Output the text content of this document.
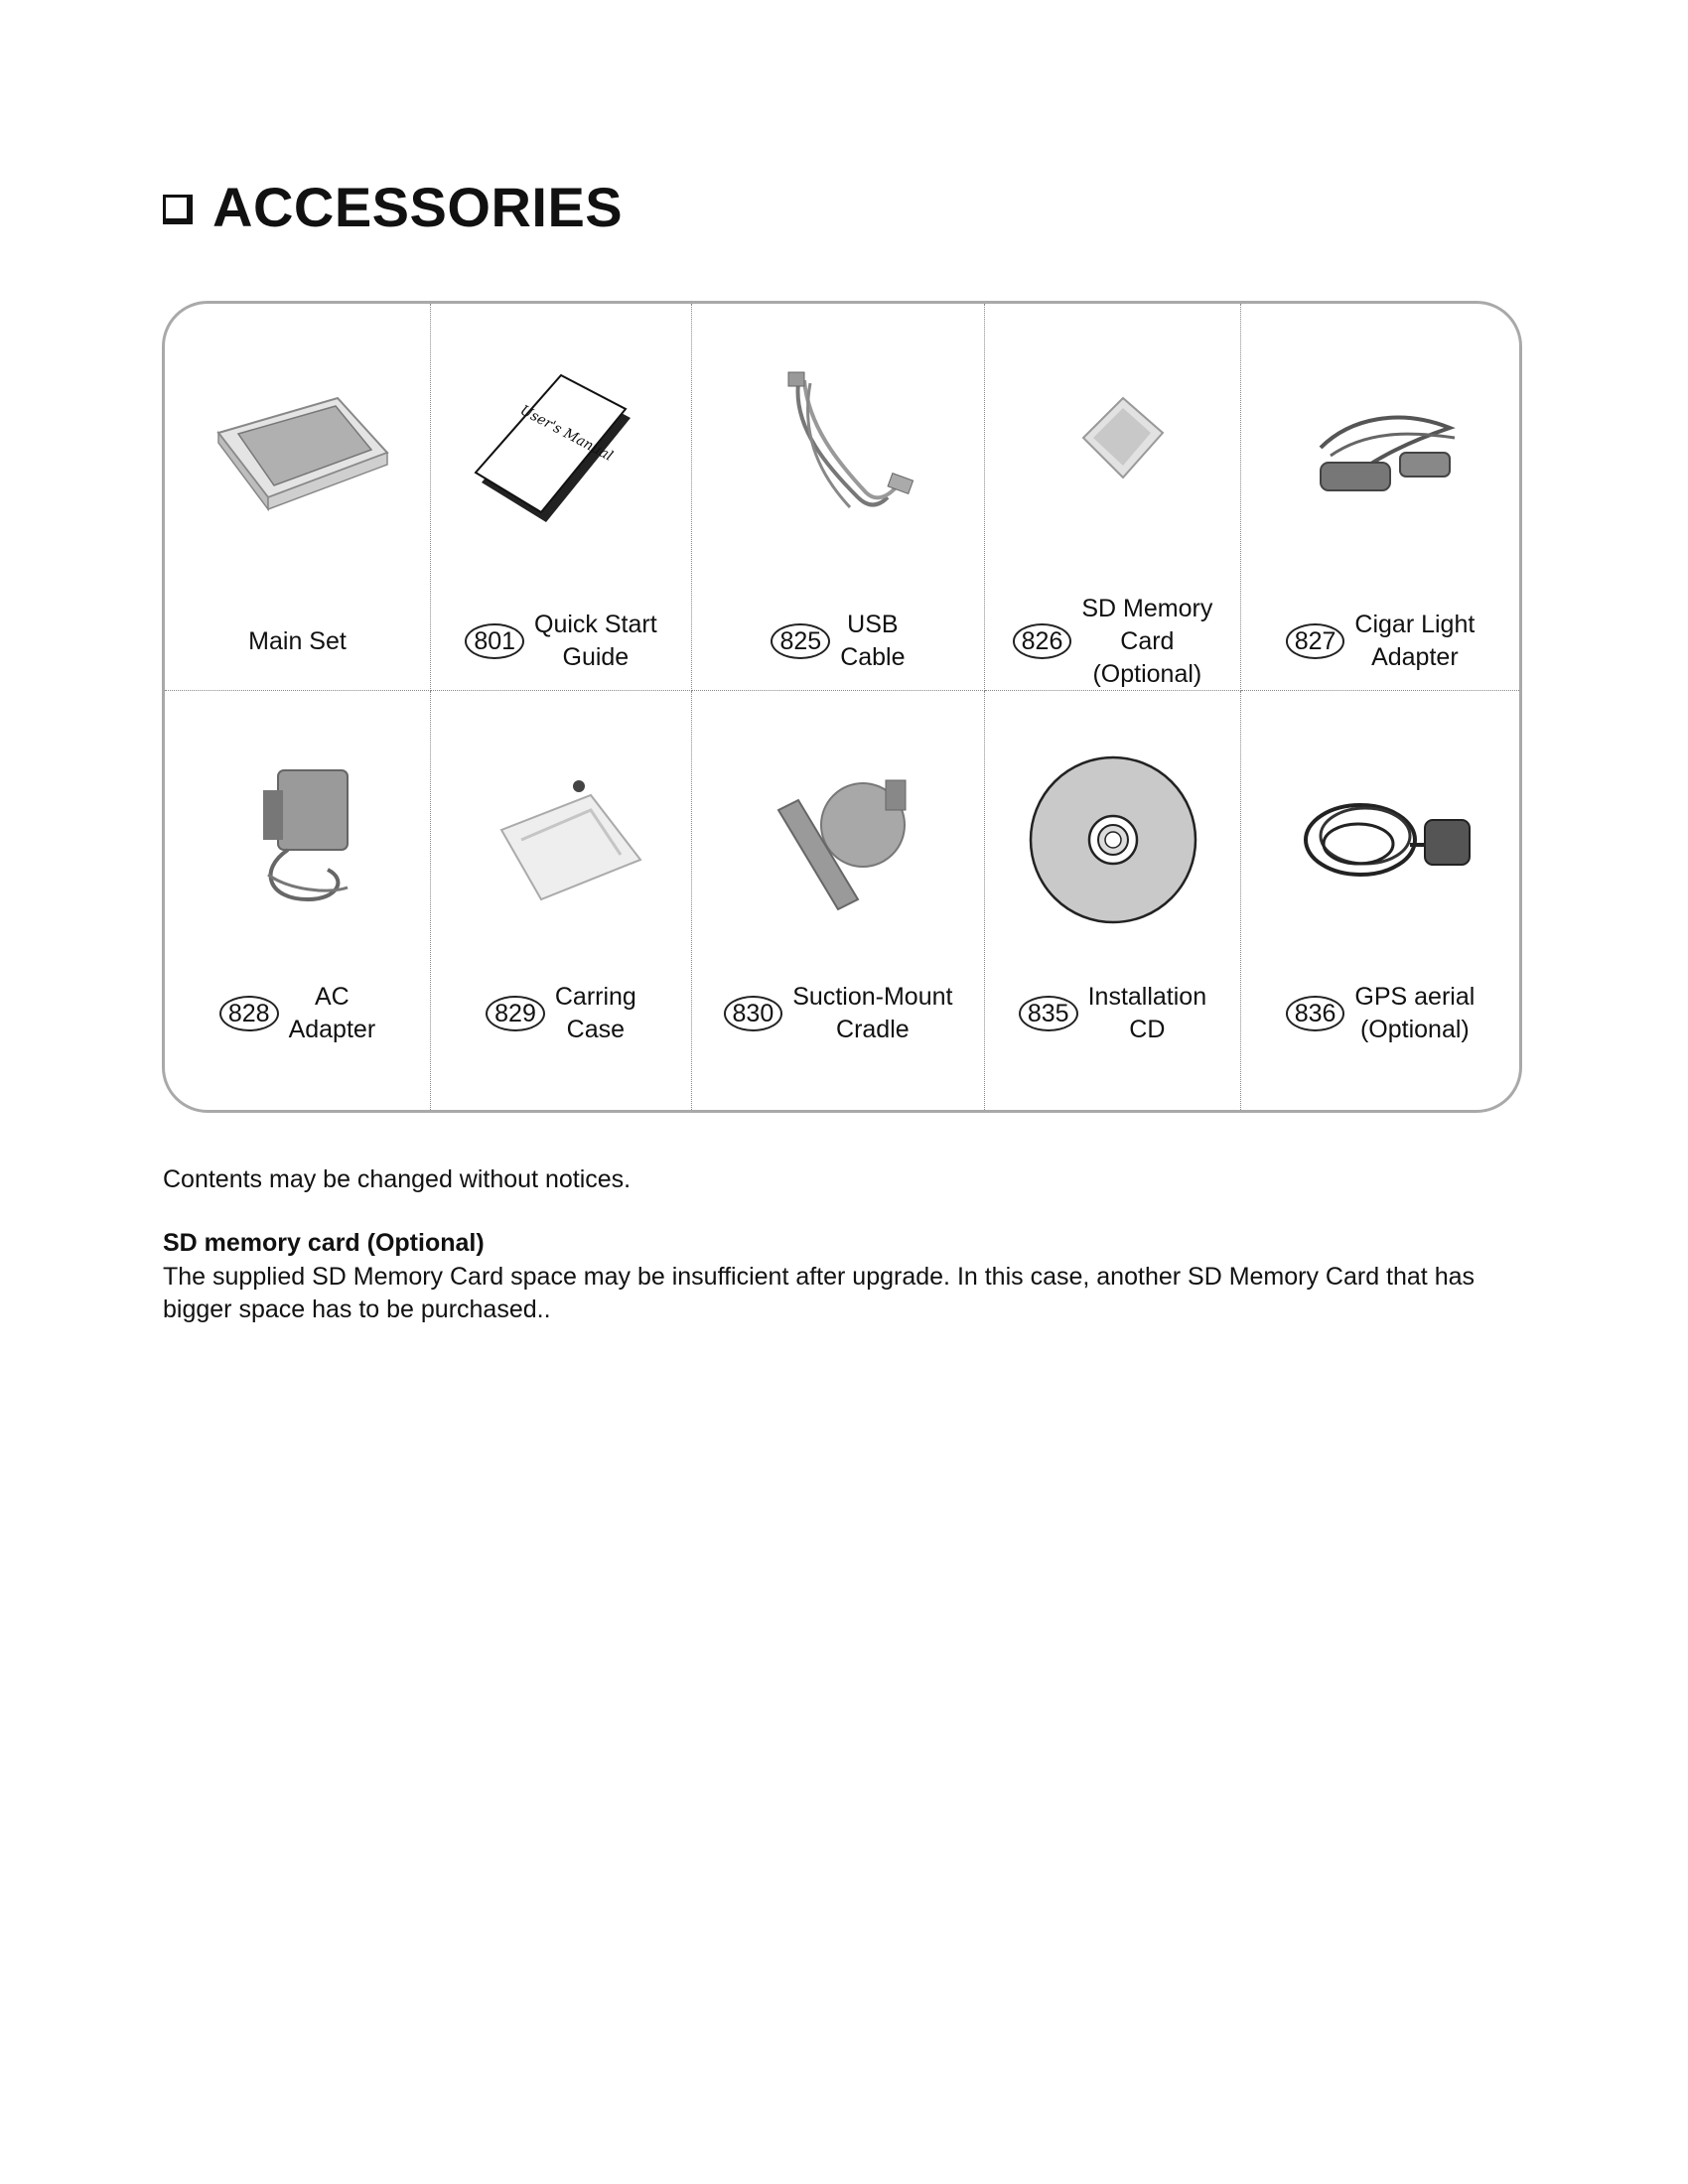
ACCESSORIES
Main Set
User's Manual
801
Quick Start
Guide
825
USB
Cable
826
SD Memory
Card
(Optional)
827
Cigar Light
Adapter
828
AC
Adapter
829
Carring
Case
830
Suction-Mount
Cradle
835
Installation
CD
836
GPS aerial
(Optional)
Contents may be changed without notices.
SD memory card (Optional)
The supplied SD Memory Card space may be insufficient after upgrade. In this case, another SD Memory Card that has bigger space has to be purchased..
